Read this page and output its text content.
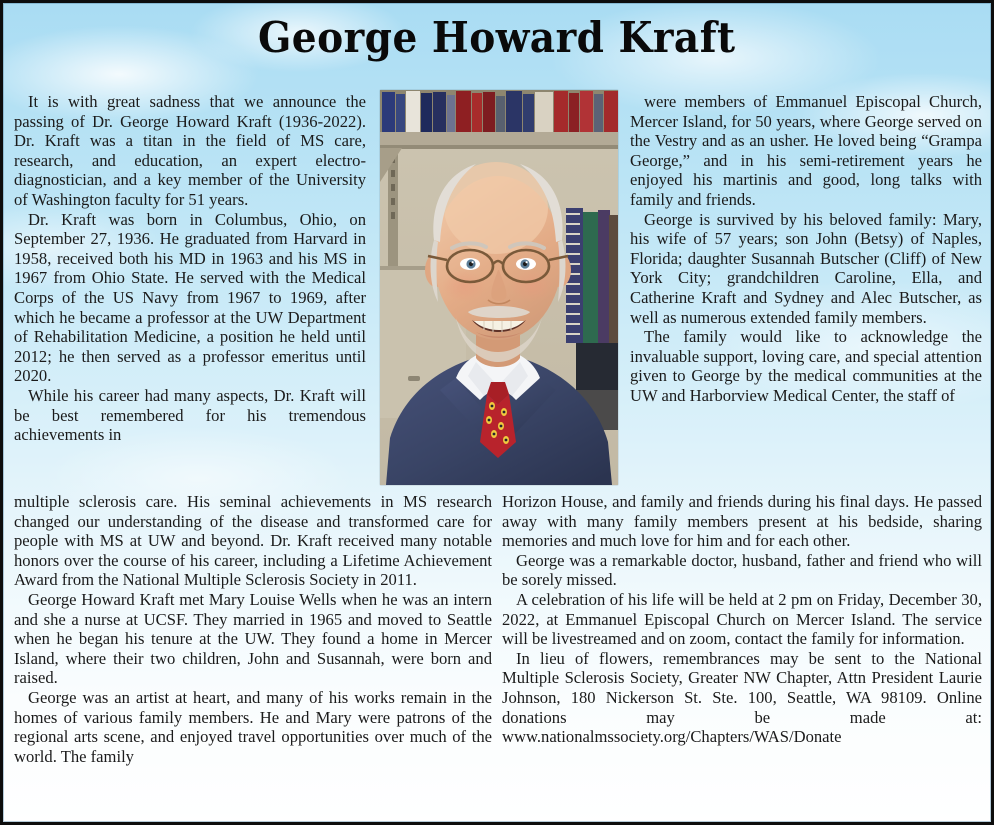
George Howard Kraft

It is with great sadness that we announce the passing of Dr. George Howard Kraft (1936-2022). Dr. Kraft was a titan in the field of MS care, research, and education, an expert electro-diagnostician, and a key member of the University of Washington faculty for 51 years.

Dr. Kraft was born in Columbus, Ohio, on September 27, 1936. He graduated from Harvard in 1958, received both his MD in 1963 and his MS in 1967 from Ohio State. He served with the Medical Corps of the US Navy from 1967 to 1969, after which he became a professor at the UW Department of Rehabilitation Medicine, a position he held until 2012; he then served as a professor emeritus until 2020.

While his career had many aspects, Dr. Kraft will be best remembered for his tremendous achievements in

were members of Emmanuel Episcopal Church, Mercer Island, for 50 years, where George served on the Vestry and as an usher. He loved being “Grampa George,” and in his semi-retirement years he enjoyed his martinis and good, long talks with family and friends.

George is survived by his beloved family: Mary, his wife of 57 years; son John (Betsy) of Naples, Florida; daughter Susannah Butscher (Cliff) of New York City; grandchildren Caroline, Ella, and Catherine Kraft and Sydney and Alec Butscher, as well as numerous extended family members.

The family would like to acknowledge the invaluable support, loving care, and special attention given to George by the medical communities at the UW and Harborview Medical Center, the staff of

multiple sclerosis care. His seminal achievements in MS research changed our understanding of the disease and transformed care for people with MS at UW and beyond. Dr. Kraft received many notable honors over the course of his career, including a Lifetime Achievement Award from the National Multiple Sclerosis Society in 2011.

George Howard Kraft met Mary Louise Wells when he was an intern and she a nurse at UCSF. They married in 1965 and moved to Seattle when he began his tenure at the UW. They found a home in Mercer Island, where their two children, John and Susannah, were born and raised.

George was an artist at heart, and many of his works remain in the homes of various family members. He and Mary were patrons of the regional arts scene, and enjoyed travel opportunities over much of the world. The family

Horizon House, and family and friends during his final days. He passed away with many family members present at his bedside, sharing memories and much love for him and for each other.

George was a remarkable doctor, husband, father and friend who will be sorely missed.

A celebration of his life will be held at 2 pm on Friday, December 30, 2022, at Emmanuel Episcopal Church on Mercer Island. The service will be livestreamed and on zoom, contact the family for information.

In lieu of flowers, remembrances may be sent to the National Multiple Sclerosis Society, Greater NW Chapter, Attn President Laurie Johnson, 180 Nickerson St. Ste. 100, Seattle, WA 98109. Online donations may be made at: www.nationalmssociety.org/Chapters/WAS/Donate
